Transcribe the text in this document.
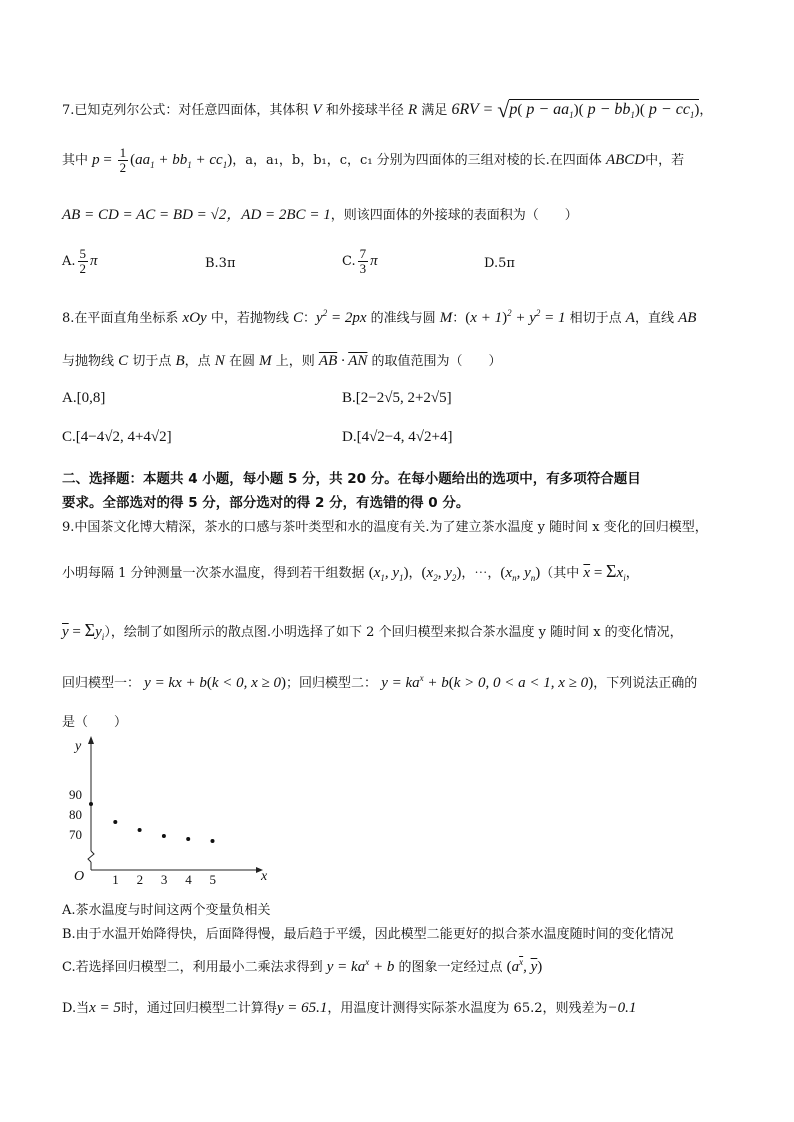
7.已知克列尔公式：对任意四面体，其体积 V 和外接球半径 R 满足 6RV = √p( $p - aa_1$)( $p - bb_1$)( $p - cc_1$)，
其中 $p = \frac{1}{2} (aa_1 + bb_1 + cc_1)$，a，a₁，b，b₁，c，c₁ 分别为四面体的三组对棱的长.在四面体 ABCD中，若
AB = CD = AC = BD = √2，AD = 2BC = 1，则该四面体的外接球的表面积为（　　）
A. $\frac{5}{2}$ π	B.3π	C. $\frac{7}{3}$ π	D.5π
8.在平面直角坐标系 xOy 中，若抛物线 C：$y^2 = 2px$ 的准线与圆 M：$(x + 1)^2 + y^2 = 1$ 相切于点 A，直线 AB
与抛物线 C 切于点 B，点 N 在圆 M 上，则 $\overline{AB} \cdot \overline{AN}$ 的取值范围为（　　）
A.[0,8]	B.[2−2√5, 2+2√5]
C.[4−4√2, 4+4√2]	D.[4√2−4, 4√2+4]
二、选择题：本题共 4 小题，每小题 5 分，共 20 分。在每小题给出的选项中，有多项符合题目
要求。全部选对的得 5 分，部分选对的得 2 分，有选错的得 0 分。
9.中国茶文化博大精深，茶水的口感与茶叶类型和水的温度有关.为了建立茶水温度 y 随时间 x 变化的回归模型，
小明每隔 1 分钟测量一次茶水温度，得到若干组数据 ($x_1$, $y_1$)，($x_2$, $y_2$)，⋯，($x_n$, $y_n$)（其中 $\overline{x} = \Sigma x_i$，
$\overline{y} = \Sigma y_i$），绘制了如图所示的散点图.小明选择了如下 2 个回归模型来拟合茶水温度 y 随时间 x 的变化情况，
回归模型一： y = kx + b(k < 0, x ≥ 0)；回归模型二： $y = ka^x + b(k > 0$, 0 < a < 1, x ≥ 0)，下列说法正确的
是（　　）
y
x
O 1 2 3 4 5
70
80
90
A.茶水温度与时间这两个变量负相关
B.由于水温开始降得快，后面降得慢，最后趋于平缓，因此模型二能更好的拟合茶水温度随时间的变化情况
C.若选择回归模型二，利用最小二乘法求得到 $y = ka^x + b$ 的图象一定经过点 ($a^{\overline{x}}$, $\overline{y}$)
D.当x = 5时，通过回归模型二计算得y = 65.1，用温度计测得实际茶水温度为 65.2，则残差为−0.1
